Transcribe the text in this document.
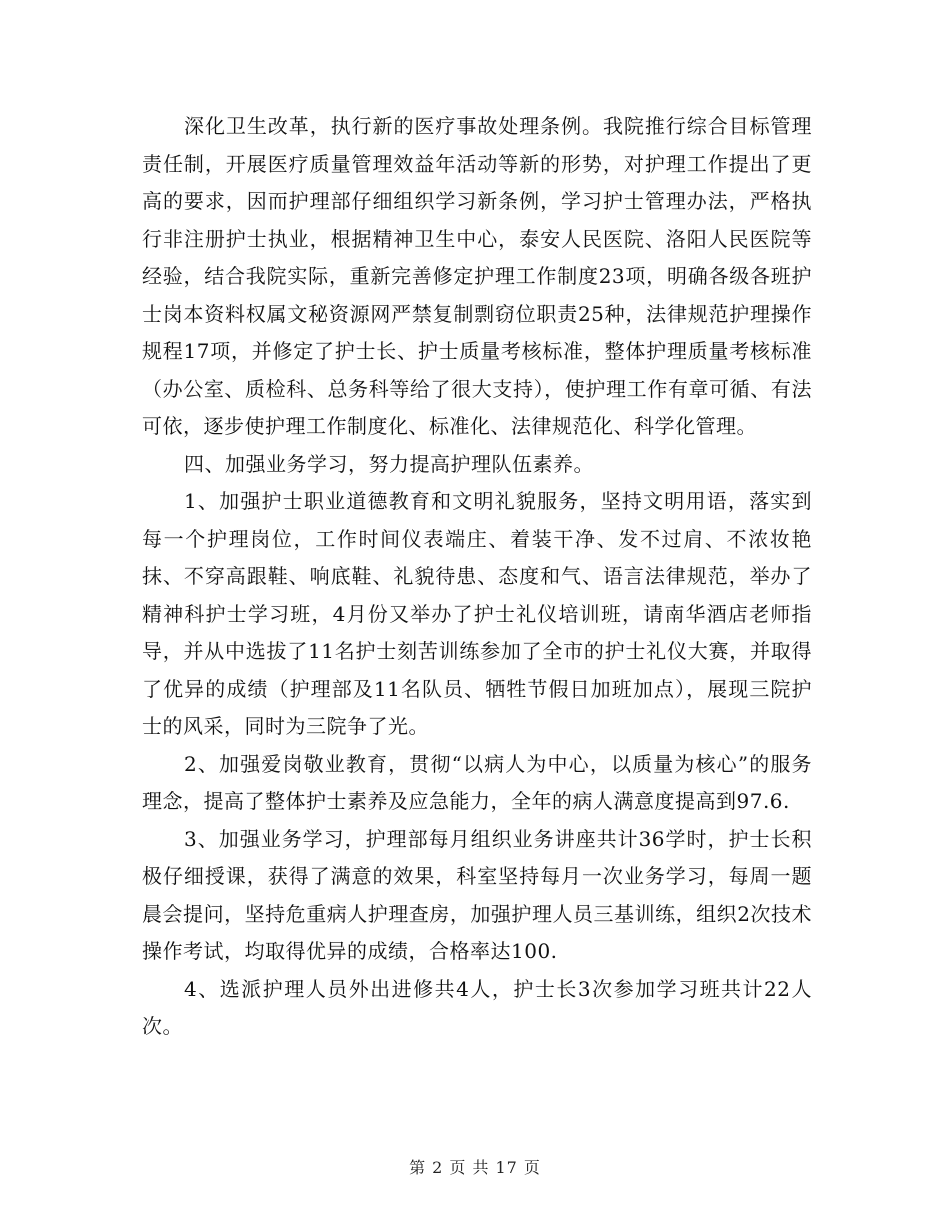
深化卫生改革，执行新的医疗事故处理条例。我院推行综合目标管理责任制，开展医疗质量管理效益年活动等新的形势，对护理工作提出了更高的要求，因而护理部仔细组织学习新条例，学习护士管理办法，严格执行非注册护士执业，根据精神卫生中心，泰安人民医院、洛阳人民医院等经验，结合我院实际，重新完善修定护理工作制度23项，明确各级各班护士岗本资料权属文秘资源网严禁复制剽窃位职责25种，法律规范护理操作规程17项，并修定了护士长、护士质量考核标准，整体护理质量考核标准（办公室、质检科、总务科等给了很大支持），使护理工作有章可循、有法可依，逐步使护理工作制度化、标准化、法律规范化、科学化管理。

四、加强业务学习，努力提高护理队伍素养。

1、加强护士职业道德教育和文明礼貌服务，坚持文明用语，落实到每一个护理岗位，工作时间仪表端庄、着装干净、发不过肩、不浓妆艳抹、不穿高跟鞋、响底鞋、礼貌待患、态度和气、语言法律规范，举办了精神科护士学习班，4月份又举办了护士礼仪培训班，请南华酒店老师指导，并从中选拔了11名护士刻苦训练参加了全市的护士礼仪大赛，并取得了优异的成绩（护理部及11名队员、牺牲节假日加班加点），展现三院护士的风采，同时为三院争了光。

2、加强爱岗敬业教育，贯彻“以病人为中心，以质量为核心”的服务理念，提高了整体护士素养及应急能力，全年的病人满意度提高到97.6.

3、加强业务学习，护理部每月组织业务讲座共计36学时，护士长积极仔细授课，获得了满意的效果，科室坚持每月一次业务学习，每周一题晨会提问，坚持危重病人护理查房，加强护理人员三基训练，组织2次技术操作考试，均取得优异的成绩，合格率达100.

4、选派护理人员外出进修共4人，护士长3次参加学习班共计22人次。

第 2 页 共 17 页
